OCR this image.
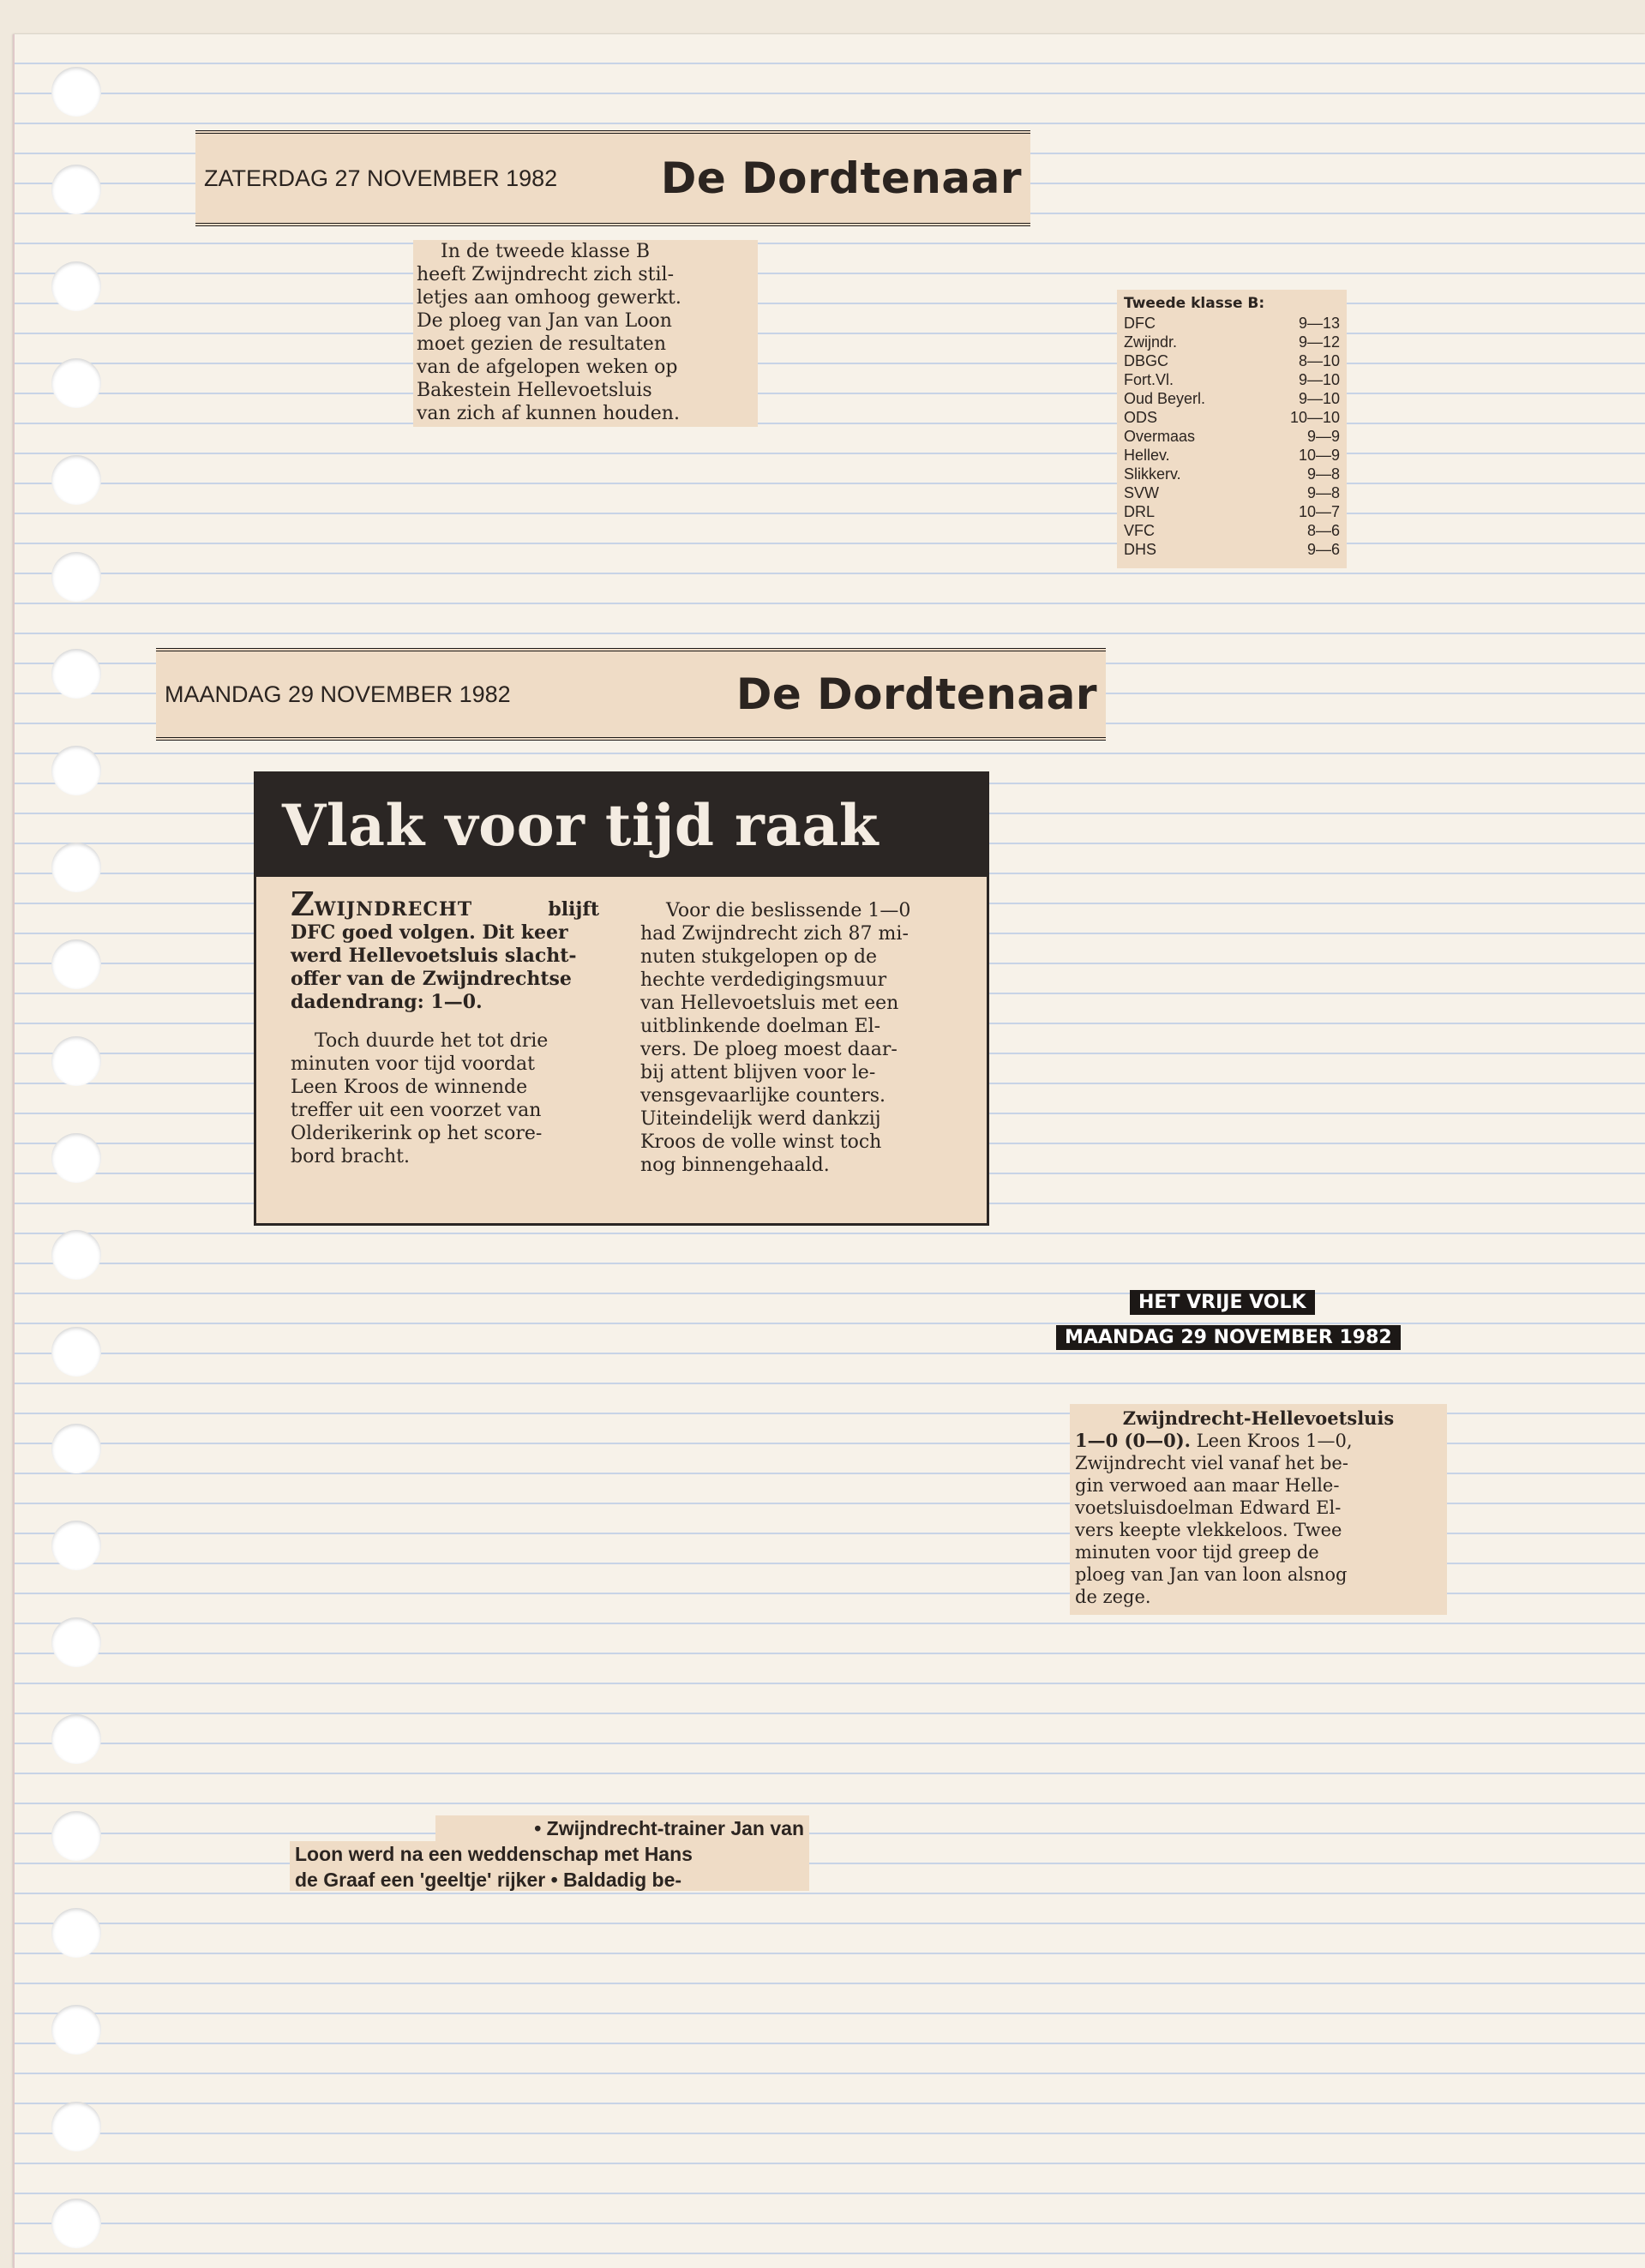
ZATERDAG 27 NOVEMBER 1982 De Dordtenaar
In de tweede klasse B
heeft Zwijndrecht zich stil-
letjes aan omhoog gewerkt.
De ploeg van Jan van Loon
moet gezien de resultaten
van de afgelopen weken op
Bakestein Hellevoetsluis
van zich af kunnen houden.
Tweede klasse B:
DFC	9—13
Zwijndr.	9—12
DBGC	8—10
Fort.Vl.	9—10
Oud Beyerl.	9—10
ODS	10—10
Overmaas	9—9
Hellev.	10—9
Slikkerv.	9—8
SVW	9—8
DRL	10—7
VFC	8—6
DHS	9—6
MAANDAG 29 NOVEMBER 1982	De Dordtenaar
Vlak voor tijd raak
ZWIJNDRECHT	blijft
DFC goed volgen. Dit keer
werd Hellevoetsluis slacht-
offer van de Zwijndrechtse
dadendrang: 1—0.
Toch duurde het tot drie
minuten voor tijd voordat
Leen Kroos de winnende
treffer uit een voorzet van
Olderikerink op het score-
bord bracht.
Voor die beslissende 1—0
had Zwijndrecht zich 87 mi-
nuten stukgelopen op de
hechte verdedigingsmuur
van Hellevoetsluis met een
uitblinkende doelman El-
vers. De ploeg moest daar-
bij attent blijven voor le-
vensgevaarlijke counters.
Uiteindelijk werd dankzij
Kroos de volle winst toch
nog binnengehaald.
HET VRIJE VOLK
MAANDAG 29 NOVEMBER 1982
Zwijndrecht-Hellevoetsluis
1—0 (0—0). Leen Kroos 1—0,
Zwijndrecht viel vanaf het be-
gin verwoed aan maar Helle-
voetsluisdoelman Edward El-
vers keepte vlekkeloos. Twee
minuten voor tijd greep de
ploeg van Jan van loon alsnog
de zege.
• Zwijndrecht-trainer Jan van
Loon werd na een weddenschap met Hans
de Graaf een 'geeltje' rijker • Baldadig be-
